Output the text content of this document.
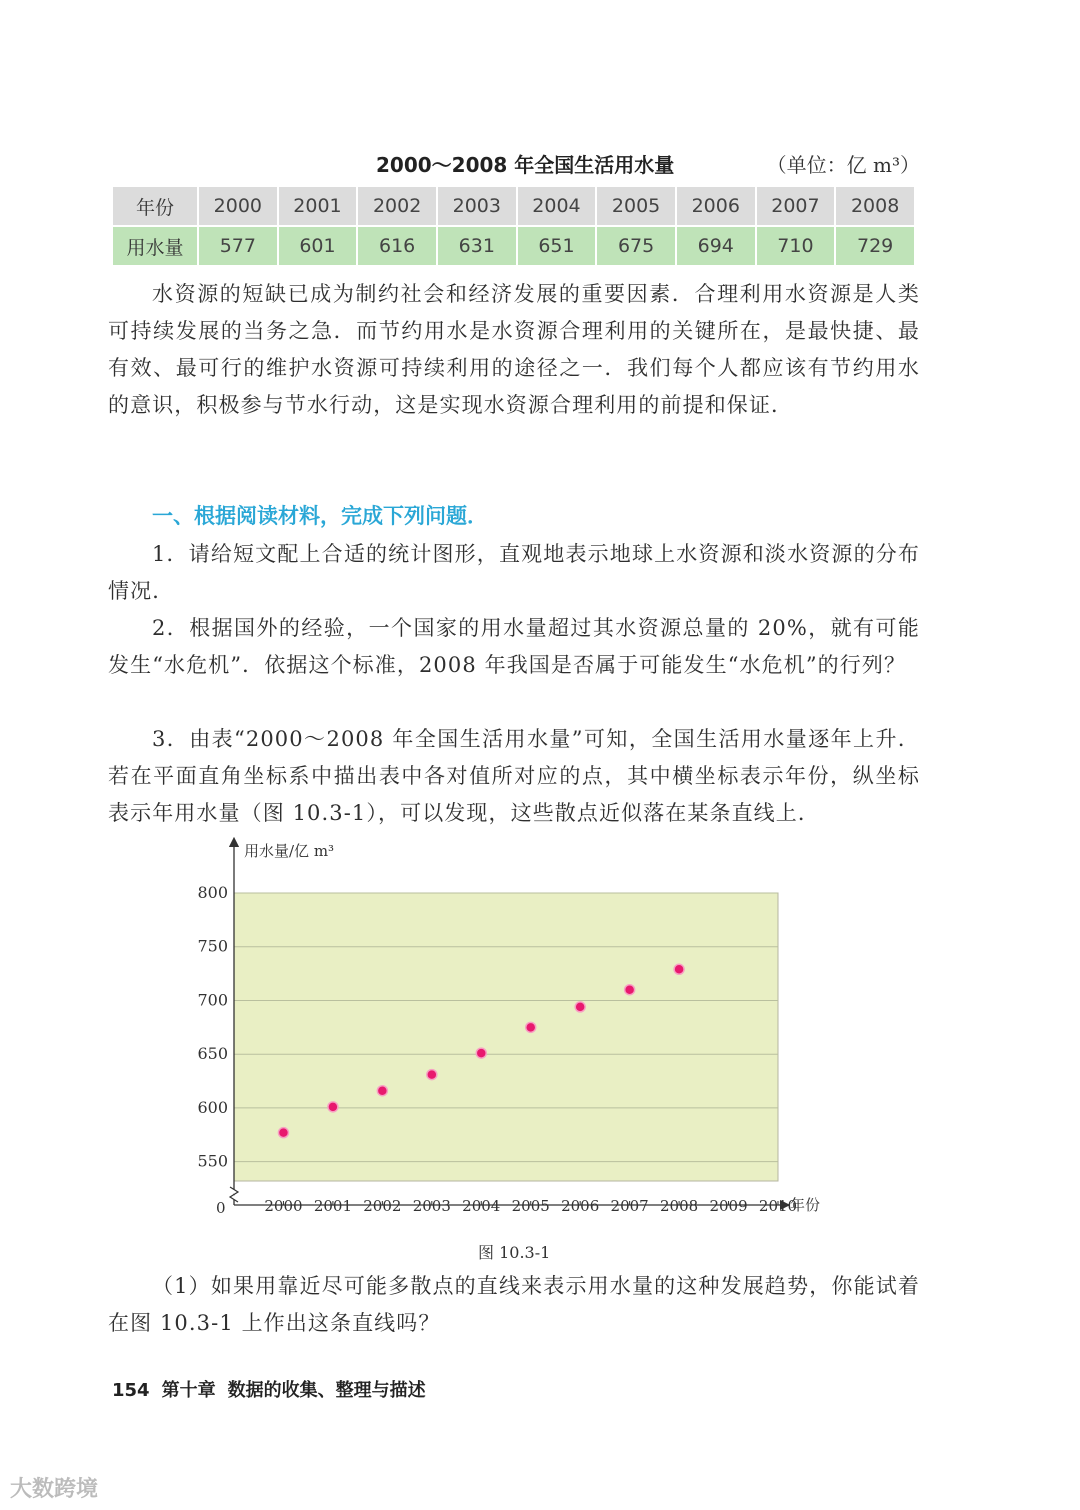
2000～2008 年全国生活用水量	（单位：亿 m³）
年份	2000	2001	2002	2003	2004	2005	2006	2007	2008
用水量	577	601	616	631	651	675	694	710	729
水资源的短缺已成为制约社会和经济发展的重要因素．合理利用水资源是人类可持续发展的当务之急．而节约用水是水资源合理利用的关键所在，是最快捷、最有效、最可行的维护水资源可持续利用的途径之一．我们每个人都应该有节约用水的意识，积极参与节水行动，这是实现水资源合理利用的前提和保证．
一、根据阅读材料，完成下列问题．
1．请给短文配上合适的统计图形，直观地表示地球上水资源和淡水资源的分布情况．
2．根据国外的经验，一个国家的用水量超过其水资源总量的 20%，就有可能发生“水危机”．依据这个标准，2008 年我国是否属于可能发生“水危机”的行列？
3．由表“2000～2008 年全国生活用水量”可知，全国生活用水量逐年上升．若在平面直角坐标系中描出表中各对值所对应的点，其中横坐标表示年份，纵坐标表示年用水量（图 10.3-1），可以发现，这些散点近似落在某条直线上．
550
600
650
700
750
800
2000 2001 2002 2003 2004 2005 2006 2007 2008 2009 2010
用水量/亿 m³
年份
0
图 10.3-1
（1）如果用靠近尽可能多散点的直线来表示用水量的这种发展趋势，你能试着在图 10.3-1 上作出这条直线吗？
154 第十章 数据的收集、整理与描述
大数跨境
